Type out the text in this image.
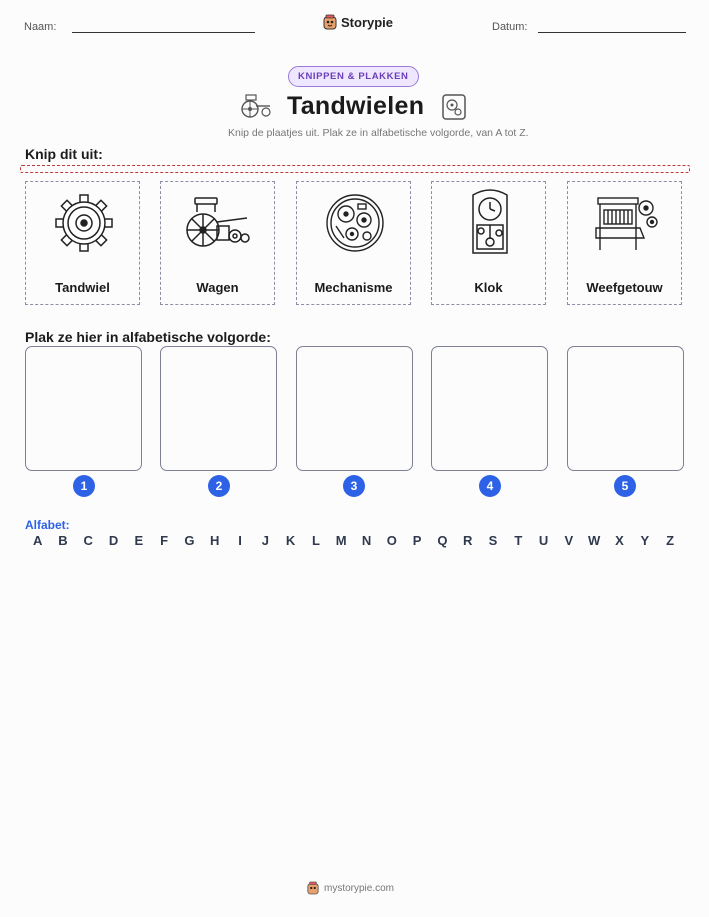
Naam:	Storypie	Datum:
KNIPPEN & PLAKKEN
Tandwielen
Knip de plaatjes uit. Plak ze in alfabetische volgorde, van A tot Z.
Knip dit uit:
Tandwiel	Wagen	Mechanisme	Klok	Weefgetouw
Plak ze hier in alfabetische volgorde:
1	2	3	4	5
Alfabet:
A	B	C	D	E	F	G	H	I	J	K	L	M	N	O	P	Q	R	S	T	U	V	W	X	Y	Z
mystorypie.com
